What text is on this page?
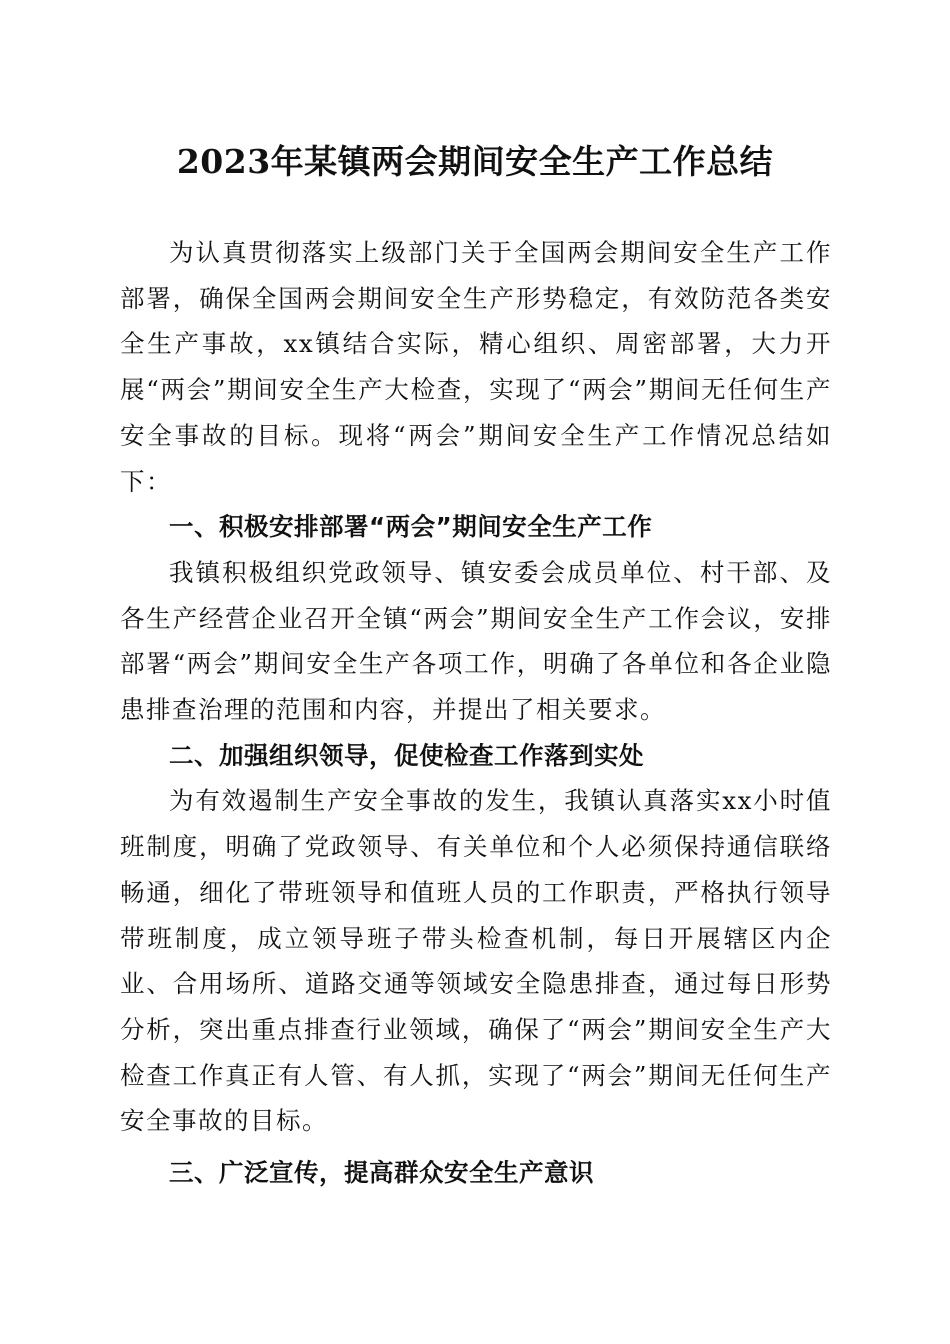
2023年某镇两会期间安全生产工作总结

为认真贯彻落实上级部门关于全国两会期间安全生产工作部署，确保全国两会期间安全生产形势稳定，有效防范各类安全生产事故，xx镇结合实际，精心组织、周密部署，大力开展“两会”期间安全生产大检查，实现了“两会”期间无任何生产安全事故的目标。现将“两会”期间安全生产工作情况总结如下：

一、积极安排部署“两会”期间安全生产工作

我镇积极组织党政领导、镇安委会成员单位、村干部、及各生产经营企业召开全镇“两会”期间安全生产工作会议，安排部署“两会”期间安全生产各项工作，明确了各单位和各企业隐患排查治理的范围和内容，并提出了相关要求。

二、加强组织领导，促使检查工作落到实处

为有效遏制生产安全事故的发生，我镇认真落实xx小时值班制度，明确了党政领导、有关单位和个人必须保持通信联络畅通，细化了带班领导和值班人员的工作职责，严格执行领导带班制度，成立领导班子带头检查机制，每日开展辖区内企业、合用场所、道路交通等领域安全隐患排查，通过每日形势分析，突出重点排查行业领域，确保了“两会”期间安全生产大检查工作真正有人管、有人抓，实现了“两会”期间无任何生产安全事故的目标。

三、广泛宣传，提高群众安全生产意识
